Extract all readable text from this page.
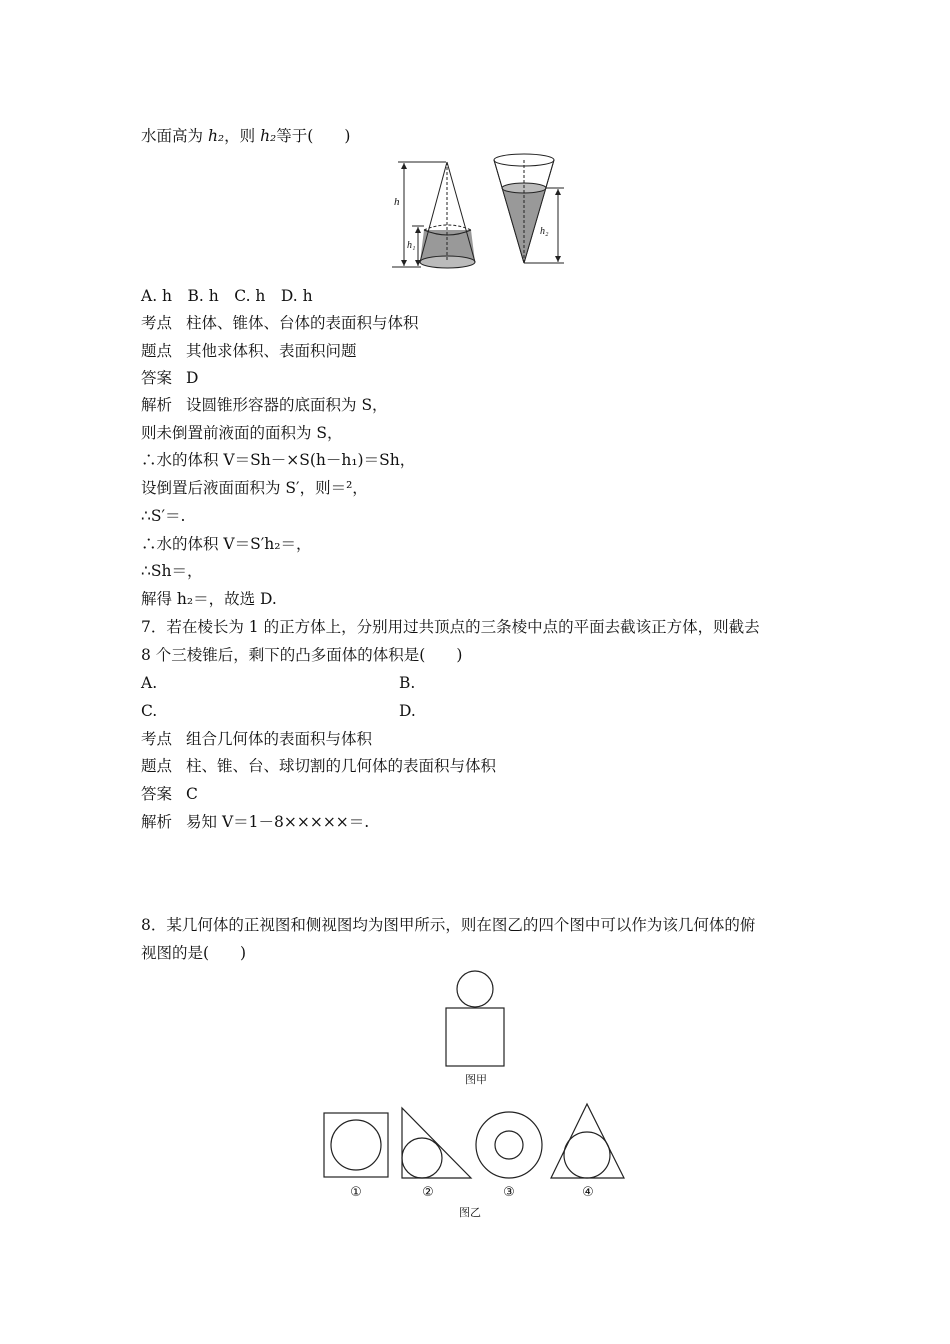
水面高为 h₂，则 h₂等于(　　)
h
h₁
h₂
A. h　B. h　C. h　D. h
考点 柱体、锥体、台体的表面积与体积
题点 其他求体积、表面积问题
答案 D
解析 设圆锥形容器的底面积为 S，
则未倒置前液面的面积为 S，
∴水的体积 V＝Sh－×S(h－h₁)＝Sh，
设倒置后液面面积为 S′，则＝²，
∴S′＝.
∴水的体积 V＝S′h₂＝，
∴Sh＝，
解得 h₂＝，故选 D.
7．若在棱长为 1 的正方体上，分别用过共顶点的三条棱中点的平面去截该正方体，则截去
8 个三棱锥后，剩下的凸多面体的体积是(　　)
A.	B.
C.	D.
考点 组合几何体的表面积与体积
题点 柱、锥、台、球切割的几何体的表面积与体积
答案 C
解析 易知 V＝1－8×××××＝.
8．某几何体的正视图和侧视图均为图甲所示，则在图乙的四个图中可以作为该几何体的俯
视图的是(　　)
图甲
①	②	③	④
图乙
